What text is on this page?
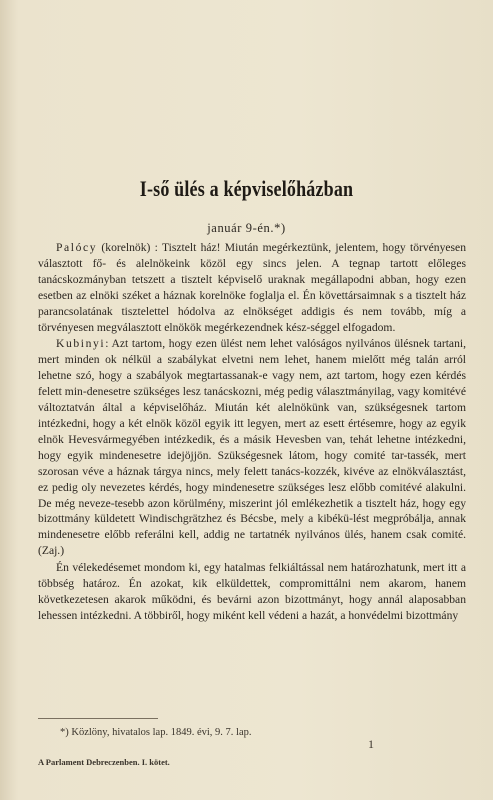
I-ső ülés a képviselőházban
január 9-én.*)

Palócy (korelnök) : Tisztelt ház! Miután megérkeztünk, jelentem, hogy törvényesen választott fő- és alelnökeink közöl egy sincs jelen. A tegnap tartott előleges tanácskozmányban tetszett a tisztelt képviselő uraknak megállapodni abban, hogy ezen esetben az elnöki széket a háznak korelnöke foglalja el. Én követtársaimnak s a tisztelt ház parancsolatának tisztelettel hódolva az elnökséget addigis és nem tovább, míg a törvényesen megválasztott elnökök megérkezendnek kész-séggel elfogadom.

Kubinyi: Azt tartom, hogy ezen ülést nem lehet valóságos nyilvános ülésnek tartani, mert minden ok nélkül a szabálykat elvetni nem lehet, hanem mielőtt még talán arról lehetne szó, hogy a szabályok megtartassanak-e vagy nem, azt tartom, hogy ezen kérdés felett min-denesetre szükséges lesz tanácskozni, még pedig választmányilag, vagy komitévé változtatván által a képviselőház. Miután két alelnökünk van, szükségesnek tartom intézkedni, hogy a két elnök közöl egyik itt legyen, mert az esett értésemre, hogy az egyik elnök Hevesvármegyében intézkedik, és a másik Hevesben van, tehát lehetne intézkedni, hogy egyik mindenesetre idejöjjön. Szükségesnek látom, hogy comité tar-tassék, mert szorosan véve a háznak tárgya nincs, mely felett tanács-kozzék, kivéve az elnökválasztást, ez pedig oly nevezetes kérdés, hogy mindenesetre szükséges lesz előbb comitévé alakulni. De még neveze-tesebb azon körülmény, miszerint jól emlékezhetik a tisztelt ház, hogy egy bizottmány küldetett Windischgrätzhez és Bécsbe, mely a kibékü-lést megpróbálja, annak mindenesetre előbb referálni kell, addig ne tartatnék nyilvános ülés, hanem csak comité. (Zaj.)

Én vélekedésemet mondom ki, egy hatalmas felkiáltással nem határozhatunk, mert itt a többség határoz. Én azokat, kik elküldettek, compromittálni nem akarom, hanem következetesen akarok működni, és bevárni azon bizottmányt, hogy annál alaposabban lehessen intézkedni. A többiről, hogy miként kell védeni a hazát, a honvédelmi bizottmány

*) Közlöny, hivatalos lap. 1849. évi, 9. 7. lap.
1
A Parlament Debreczenben. I. kötet.
